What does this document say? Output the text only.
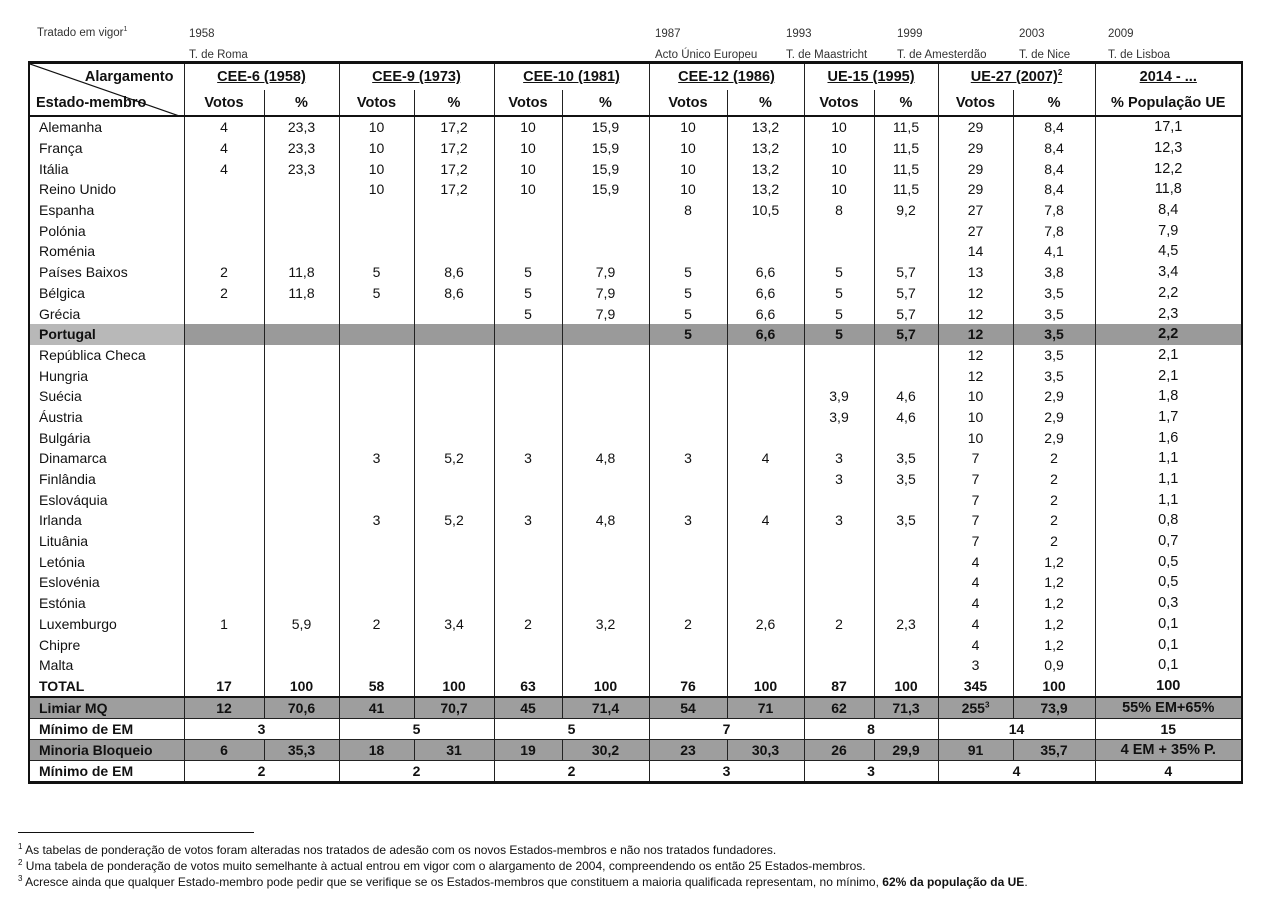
Tratado em vigor$^1$	1958
T. de Roma
1987
Acto Único Europeu
1993
T. de Maastricht
1999
T. de Amesterdão
2003
T. de Nice
2009
T. de Lisboa
Alargamento
Estado-membro	CEE-6 (1958)		CEE-9 (1973)		CEE-10 (1981)		CEE-12 (1986)		UE-15 (1995)		UE-27 $(2007)^2$		2014 - ...
	Votos	%	Votos	%	Votos	%	Votos	%	Votos	%	Votos	%	% População UE
Alemanha	4	23,3	10	17,2	10	15,9	10	13,2	10	11,5	29	8,4	17,1
França	4	23,3	10	17,2	10	15,9	10	13,2	10	11,5	29	8,4	12,3
Itália	4	23,3	10	17,2	10	15,9	10	13,2	10	11,5	29	8,4	12,2
Reino Unido			10	17,2	10	15,9	10	13,2	10	11,5	29	8,4	11,8
Espanha							8	10,5	8	9,2	27	7,8	8,4
Polónia											27	7,8	7,9
Roménia											14	4,1	4,5
Países Baixos	2	11,8	5	8,6	5	7,9	5	6,6	5	5,7	13	3,8	3,4
Bélgica	2	11,8	5	8,6	5	7,9	5	6,6	5	5,7	12	3,5	2,2
Grécia					5	7,9	5	6,6	5	5,7	12	3,5	2,3
Portugal							5	6,6	5	5,7	12	3,5	2,2
República Checa											12	3,5	2,1
Hungria											12	3,5	2,1
Suécia									3,9	4,6	10	2,9	1,8
Áustria									3,9	4,6	10	2,9	1,7
Bulgária											10	2,9	1,6
Dinamarca			3	5,2	3	4,8	3	4	3	3,5	7	2	1,1
Finlândia									3	3,5	7	2	1,1
Eslováquia											7	2	1,1
Irlanda			3	5,2	3	4,8	3	4	3	3,5	7	2	0,8
Lituânia											7	2	0,7
Letónia											4	1,2	0,5
Eslovénia											4	1,2	0,5
Estónia											4	1,2	0,3
Luxemburgo	1	5,9	2	3,4	2	3,2	2	2,6	2	2,3	4	1,2	0,1
Chipre											4	1,2	0,1
Malta											3	0,9	0,1
TOTAL	17	100	58	100	63	100	76	100	87	100	345	100	100
Limiar MQ	12	70,6	41	70,7	45	71,4	54	71	62	71,3	$255^3$	73,9	55% EM+65%
Mínimo de EM	3		5		5		7		8		14		15
Minoria Bloqueio	6	35,3	18	31	19	30,2	23	30,3	26	29,9	91	35,7	4 EM + 35% P.
Mínimo de EM	2		2		2		3		3		4		4
$^1$ As tabelas de ponderação de votos foram alteradas nos tratados de adesão com os novos Estados-membros e não nos tratados fundadores.
$^2$ Uma tabela de ponderação de votos muito semelhante à actual entrou em vigor com o alargamento de 2004, compreendendo os então 25 Estados-membros.
$^3$ Acresce ainda que qualquer Estado-membro pode pedir que se verifique se os Estados-membros que constituem a maioria qualificada representam, no mínimo, 62% da população da UE.
